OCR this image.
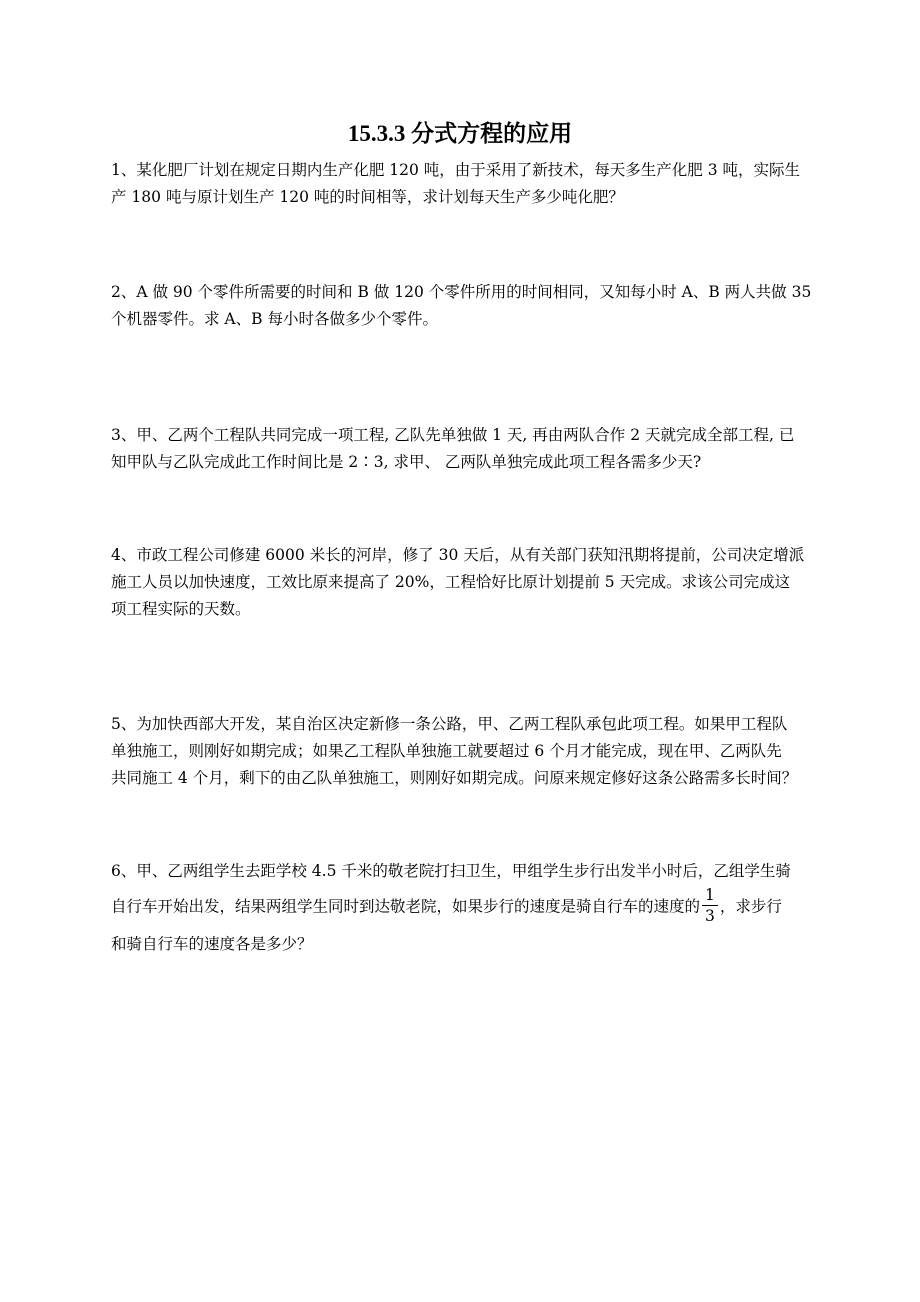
15.3.3 分式方程的应用
1、某化肥厂计划在规定日期内生产化肥 120 吨，由于采用了新技术，每天多生产化肥 3 吨，实际生
产 180 吨与原计划生产 120 吨的时间相等，求计划每天生产多少吨化肥？
2、A 做 90 个零件所需要的时间和 B 做 120 个零件所用的时间相同，又知每小时 A、B 两人共做 35
个机器零件。求 A、B 每小时各做多少个零件。
3、甲、乙两个工程队共同完成一项工程, 乙队先单独做 1 天, 再由两队合作 2 天就完成全部工程, 已
知甲队与乙队完成此工作时间比是 2∶3, 求甲、 乙两队单独完成此项工程各需多少天?
4、市政工程公司修建 6000 米长的河岸，修了 30 天后，从有关部门获知汛期将提前，公司决定增派
施工人员以加快速度，工效比原来提高了 20%，工程恰好比原计划提前 5 天完成。求该公司完成这
项工程实际的天数。
5、为加快西部大开发，某自治区决定新修一条公路，甲、乙两工程队承包此项工程。如果甲工程队
单独施工，则刚好如期完成；如果乙工程队单独施工就要超过 6 个月才能完成，现在甲、乙两队先
共同施工 4 个月，剩下的由乙队单独施工，则刚好如期完成。问原来规定修好这条公路需多长时间？
6、甲、乙两组学生去距学校 4.5 千米的敬老院打扫卫生，甲组学生步行出发半小时后，乙组学生骑
自行车开始出发，结果两组学生同时到达敬老院，如果步行的速度是骑自行车的速度的 $\frac{1}{3}$ ，求步行
和骑自行车的速度各是多少？
